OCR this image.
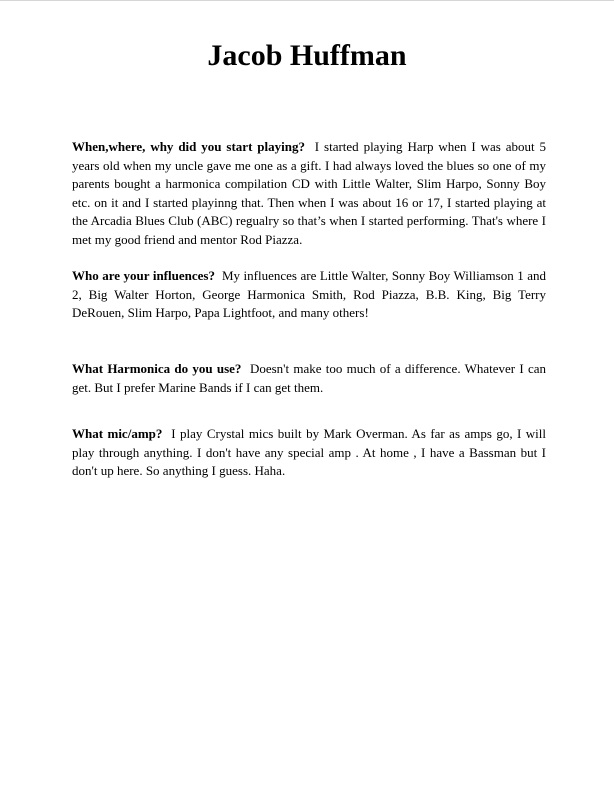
Jacob Huffman

When,where, why did you start playing? I started playing Harp when I was about 5 years old when my uncle gave me one as a gift. I had always loved the blues so one of my parents bought a harmonica compilation CD with Little Walter, Slim Harpo, Sonny Boy etc. on it and I started playinng that. Then when I was about 16 or 17, I started playing at the Arcadia Blues Club (ABC) regualry so that’s when I started performing. That's where I met my good friend and mentor Rod Piazza.

Who are your influences? My influences are Little Walter, Sonny Boy Williamson 1 and 2, Big Walter Horton, George Harmonica Smith, Rod Piazza, B.B. King, Big Terry DeRouen, Slim Harpo, Papa Lightfoot, and many others!

What Harmonica do you use? Doesn't make too much of a difference. Whatever I can get. But I prefer Marine Bands if I can get them.

What mic/amp? I play Crystal mics built by Mark Overman. As far as amps go, I will play through anything. I don't have any special amp . At home , I have a Bassman but I don't up here. So anything I guess. Haha.
